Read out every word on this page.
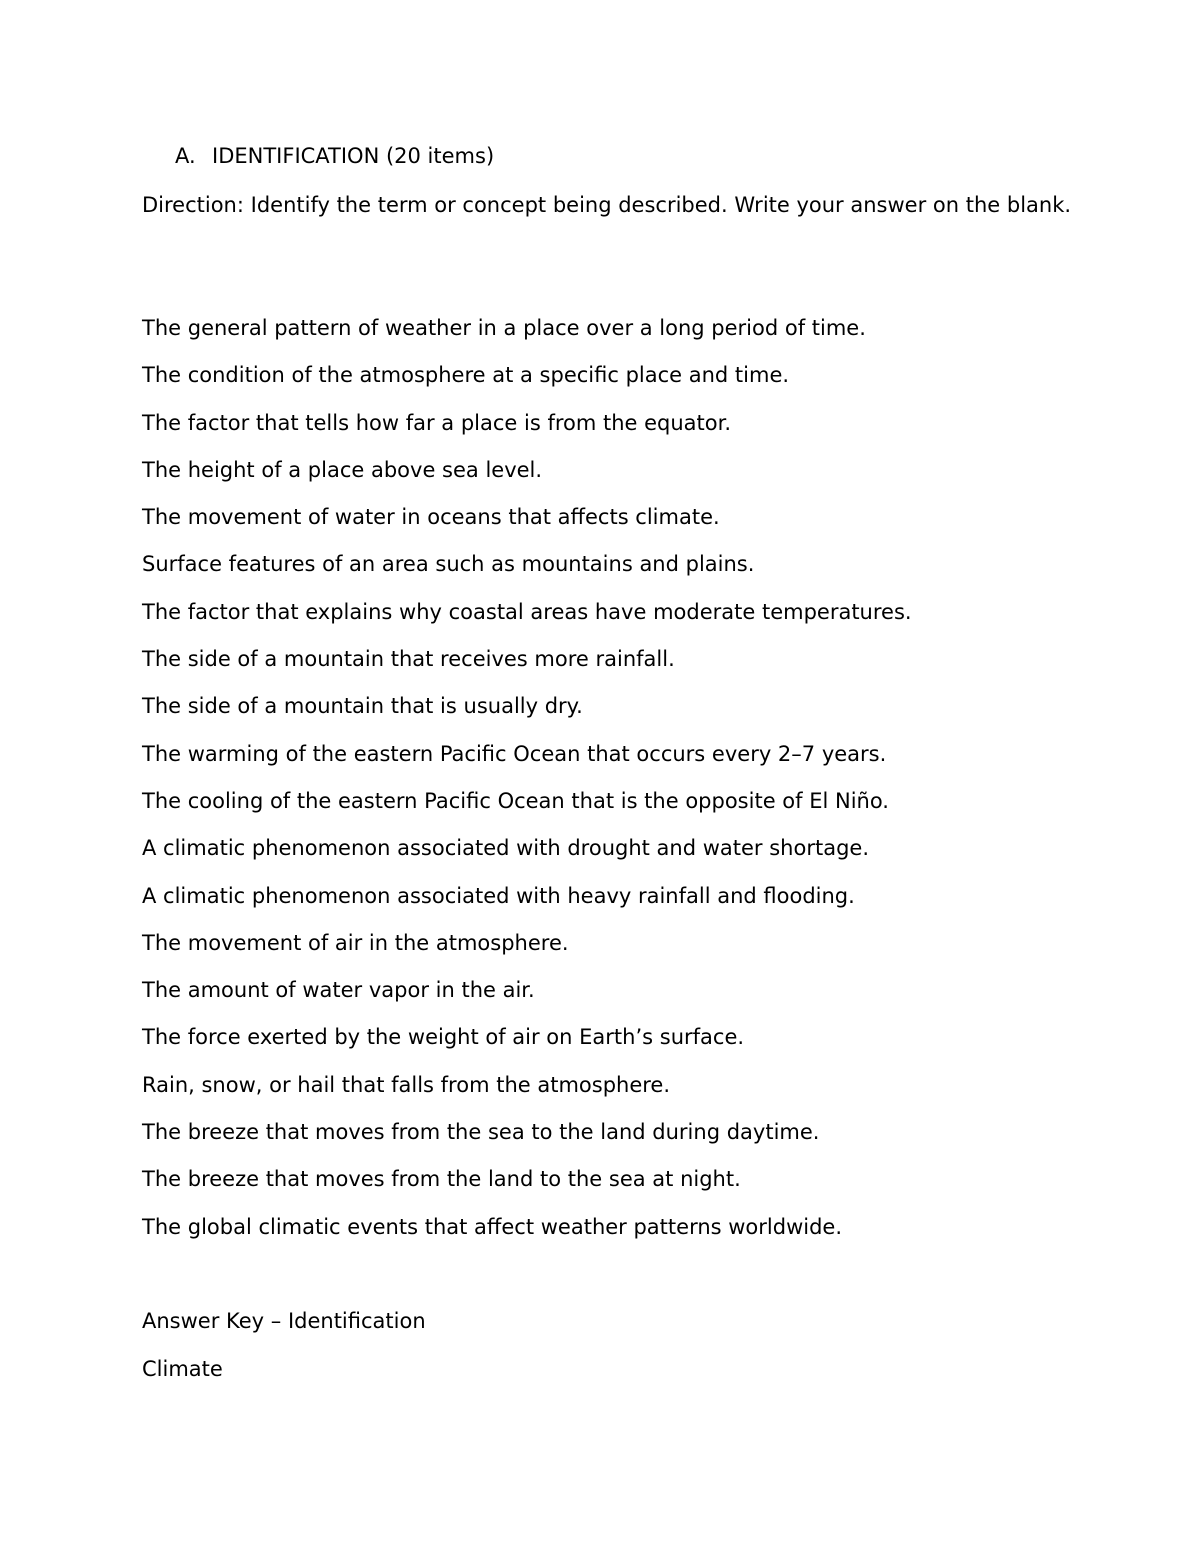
A. IDENTIFICATION (20 items)
Direction: Identify the term or concept being described. Write your answer on the blank.
The general pattern of weather in a place over a long period of time.
The condition of the atmosphere at a specific place and time.
The factor that tells how far a place is from the equator.
The height of a place above sea level.
The movement of water in oceans that affects climate.
Surface features of an area such as mountains and plains.
The factor that explains why coastal areas have moderate temperatures.
The side of a mountain that receives more rainfall.
The side of a mountain that is usually dry.
The warming of the eastern Pacific Ocean that occurs every 2–7 years.
The cooling of the eastern Pacific Ocean that is the opposite of El Niño.
A climatic phenomenon associated with drought and water shortage.
A climatic phenomenon associated with heavy rainfall and flooding.
The movement of air in the atmosphere.
The amount of water vapor in the air.
The force exerted by the weight of air on Earth’s surface.
Rain, snow, or hail that falls from the atmosphere.
The breeze that moves from the sea to the land during daytime.
The breeze that moves from the land to the sea at night.
The global climatic events that affect weather patterns worldwide.
Answer Key – Identification
Climate
